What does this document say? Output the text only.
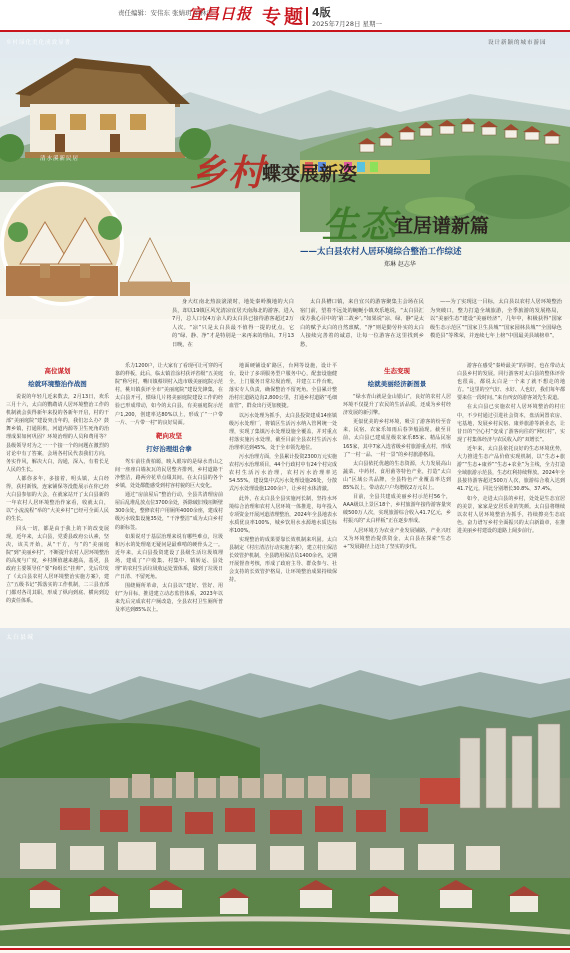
责任编辑：安伟东 张婧玥 刘林忠
宜昌日报 专题 4版
2025年7月28日 星期一
乡村绿化美化成效显著	设计新颖的城市游园
清水溪新民居	乡村
蝶变展新姿
生态
宜居谱新篇
——太白县农村人居环境综合整治工作综述
郑琳 赵志华

身大红南北热浪滚滚时，地处秦岭腹地的大白县，却以19镇区风光清凉宜居天南海北的游客。进入7月，总人口仅4万余人的太白县已接待游客超过2万人次。“凉”只是太白县最不值得一提的优点，它的“绿、静、净”才是特别是一来再来的理由。7月13日晚，在

太白县槽口镇，来自宜兴的游客聚集主会场在民宿门前，望着不远处的蜿蜒小镇欢乐地说，“太白县汇成方我心目中的‘第二故乡’。”如果说“凉、绿、静”是太白的赋予太白的自然禀赋，“净”则是勤劳朴实的太白人接续完善着的诚意，让每一位游客在这里找到乡愁，

——为了实现这一目标，太白县以农村人居环境整治为突破口，整力打造全域旅游，全季旅游的发展格局，以“美丽生态”建设“美丽经济”，几年中，积极获得“国家级生态示范区”“国家卫生县城”“国家园林县城”“全国绿色模范县”等殊荣，并连续七年上榜“中国最美县域榜单”。

高位谋划
绘就环境整治作战图

说说的年轻几近来数去，2月13日，欢乐三月十六，太白的鹦鹉请人居环境整治工作的机制就会获得新年来投的各新年开启，村的干部“美丽庭院”建设突击年的，我们怎么办？鼓舞乡镇，打通阻机，河道内源等卫生死角的治理成果如何巩固？环境治理的人员和费用等？县级领导对为之一一个接一个的问题在激烈的讨论中有了答案，会场各村民代表我们方向，务实作风，解决大白，沟通，深入，有着长足人民的生长。

人都你多年，多接着，明头镇，太白经得，获村新钱，连家铺保等没能展示在你已经大白县参加的大会，在就家站开了太白县新的一年农村人居环境整治作家看，收就太白，以“小流流程”举的“大美乡村”已经可全面人民的生长。

回头一切，都是由于我上的下的改变展现，近年来，太白县，党委县政府公认素，坚决，该关开始，从“干方，与”的“美丽庭院”到“美丽乡村”，不断提升农村人居环境整治的高度与广度，乡村颜值越来越高，基更，县政府主要领导任“要”和组长“挂帅”，先后印发了《太白县农村人居环境整治实施方案》，建立“五级书记”抓落实的工作机制，二三县直部门都对各司其职，形成了纵向到底、横向到边的责任体系。

乐力1200户，让大家有了看现可让可穿的可靠的样板，此后，临太镇首涂村获评省级“五美庭院”称号村，嘴川镇蔡坝村入选市级美丽庭院示范村，桃川镇获评全市“美丽庭院”建设先锋集，在太白县开可，惯绿几片将美丽庭院建设工作的经验已形成带动，如今的太白县，有美丽庭院示范户1,200，创建率达80%以上，形成了“一户带一片、一片带一村”的良好局面。

靶向攻坚
打好治理组合拳

驾车前往黄柏塬，映入眼帘的是绿水青山之间一座座白墙灰瓦的民居整齐排列，乡村道路干净整洁，路两旁花草点缀其间。在太白县的各个乡镇，处处都能感受到村容村貌的巨大变化。

通过“房前屋后”整治行动，全县共清理房前屋后乱堆乱放点位3700余处，拆除破旧残垣断壁300余处，整修农村户用厕所4000余座，建成村级污水收集设施35处，“干净整洁”成为太白乡村的新标签。

如果说对于基层治理来说有哪些难点，垃圾和污水的处理毫无疑问是最难啃的硬骨头之一。近年来，太白县投资建设了县级生活垃圾填埋场，建成了“户收集、村集中、镇转运、县处理”的农村生活垃圾收运处置体系，做到了垃圾日产日清、不留死角。

围绕厕所革命，太白县以“建好、管好、用好”为目标，推进建立动态监管体系，2023年以来先后完成农村户厕改造，全县农村卫生厕所普及率达到85%以上。

地面硬铺设矿路区，台网等设施，设计平台，设计了多项服务型户服务中心，配套设施健全，上门服务日常垃圾治理，并建立工作台账，落实专人负责，确保整治不留死角。全县累计整治村庄道路边沟2,800公里，打通乡村道路“毛细血管”，群众出行更加便捷。

以污水处理为抓手，太白县投资建成14座镇级污水处理厂，将镇区生活污水纳入管网统一处理，实现了集镇污水处理设施全覆盖，并对重点村落实施污水处理，截至目前全县农村生活污水治理率达到45%，处于全市领先地位。

污水治理方面，全县累计投资2300万元实施农村污水治理项目，44个行政村中有24个村完成农村生活污水治理，农村污水治理率达54.55%，建设集中式污水处理设施26处，分散式污水处理设施1200余户，让乡村水体清澈。

此外，在太白县全县实施河长制，坚持水环境综合治理和农村人居环境一体推进，每年投入专项资金开展河道清理整治，2024年全县地表水水质优良率100%，城乡饮用水水源地水质达标率100%。

实现整治的成果要靠长效机制来巩固。太白县制定《村庄清洁行动实施方案》，建立村庄保洁长效管护机制，全县聘用保洁员1400余名，定期开展督查考核，形成了政府主导、群众参与、社会支持的长效管护格局，让环境整治成果持续保持。

生态变现
绘就美丽经济新图景

“绿水青山就是金山银山”，良好的农村人居环境不仅提升了农民的生活品质，还成为乡村经济发展的新引擎。

更似优美的乡村环境，吸引了游客的纷至沓来，民宿、农家乐如雨后春笋般涌现。截至目前，太白县已建成星级农家乐85家、精品民宿165家，其中7家入选省级乡村旅游重点村，形成了“一村一品、一村一景”的乡村旅游格局。

太白县依托优越的生态资源，大力发展高山蔬菜、中药材、食用菌等特色产业，打造“太白山”区域公共品牌，全县特色产业覆盖率达到85%以上，带动农户户均增收2万元以上。

目前，全县共建成美丽乡村示范村56个，AAA级以上景区18个，乡村旅游年接待游客量突破500万人次，实现旅游综合收入41.7亿元，乡村振兴的“太白样板”正在逐步形成。

人居环境方为农业产业发展铺路，产业兴旺又为环境整治提供资金，太白县在探索“生态+”发展路径上迈出了坚实的步伐。

游客在感受“秦岭最美”的同时，也在带动太白县乡村的发展。同行游客对太白县的整体评价也很高，都说太白是一个来了就不想走的地方。“这里的空气好、水好、人也好，我们每年都要来住一段时间。”来自西安的游客刘先生说道。

在太白县已实施农村人居环境整治的村庄中，不少村通过引进社会资本，盘活闲置农房、宅基地，发展乡村民宿、康养旅游等新业态，让昔日的“空心村”变成了游客向往的“网红村”，实现了村集体经济与农民收入的“双增长”。

近年来，太白县依托良好的生态环境优势，大力推进生态产品价值实现机制，以“生态+旅游”“生态+康养”“生态+农业”为主线，全力打造全域旅游示范县，生态红利持续释放。2024年全县接待游客超过500万人次，旅游综合收入达到41.7亿元，同比分别增长30.8%、37.4%。

如今，走进太白县的乡村，处处是生态宜居的美景，家家是安居乐业的笑颜。太白县将继续以农村人居环境整治为抓手，持续擦亮生态底色，奋力谱写乡村全面振兴的太白新篇章，在推进美丽乡村建设的道路上阔步前行。

太白县城
